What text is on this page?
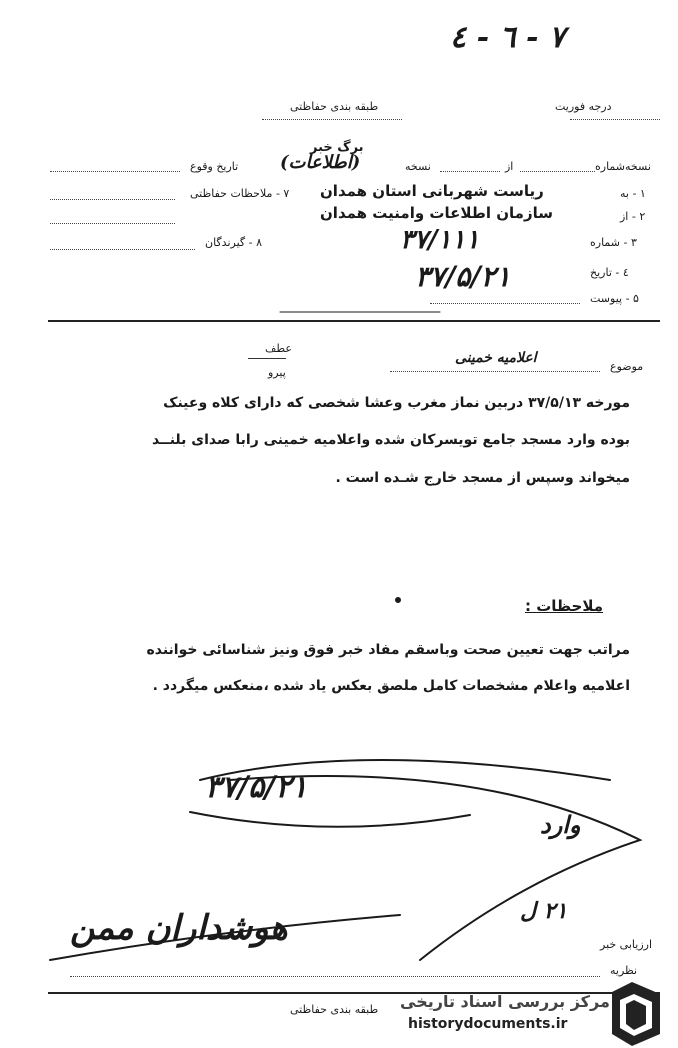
٧ - ٦ - ٤
درجه فوریت
طبقه بندی حفاظتی
برگ خبر
نسخه‌شماره
از
نسخه
(اطلاعات)
تاریخ وقوع
۱ - به
ریاست شهربانی استان همدان
۷ - ملاحظات حفاظتی
۲ - از
سازمان اطلاعات وامنیت همدان
۳ - شماره
۳۷/۱۱۱
۸ - گیرندگان
٤ - تاریخ
۳۷/۵/۲۱
۵ - پیوست
عطف
پیرو	موضوع
اعلامیه خمینی
مورخه ۳۷/۵/۱۳ دربین نماز مغرب وعشا شخصی که دارای کلاه وعینک
بوده وارد مسجد جامع تویسرکان شده واعلامیه خمینی رابا صدای بلنــد
میخواند وسپس از مسجد خارج شـده است .
ملاحظات :
مراتب جهت تعیین صحت وباسقم مفاد خبر فوق ونیز شناسائی خواننده
اعلامیه واعلام مشخصات کامل ملصق بعکس یاد شده ،منعکس میگردد .
۳۷/۵/۲۱
وارد
۲۱ ل
هوشداران ممن	ارزیابی خبر
نظریه
طبقه بندی حفاظتی مرکز بررسی اسناد تاریخی
historydocuments.ir
